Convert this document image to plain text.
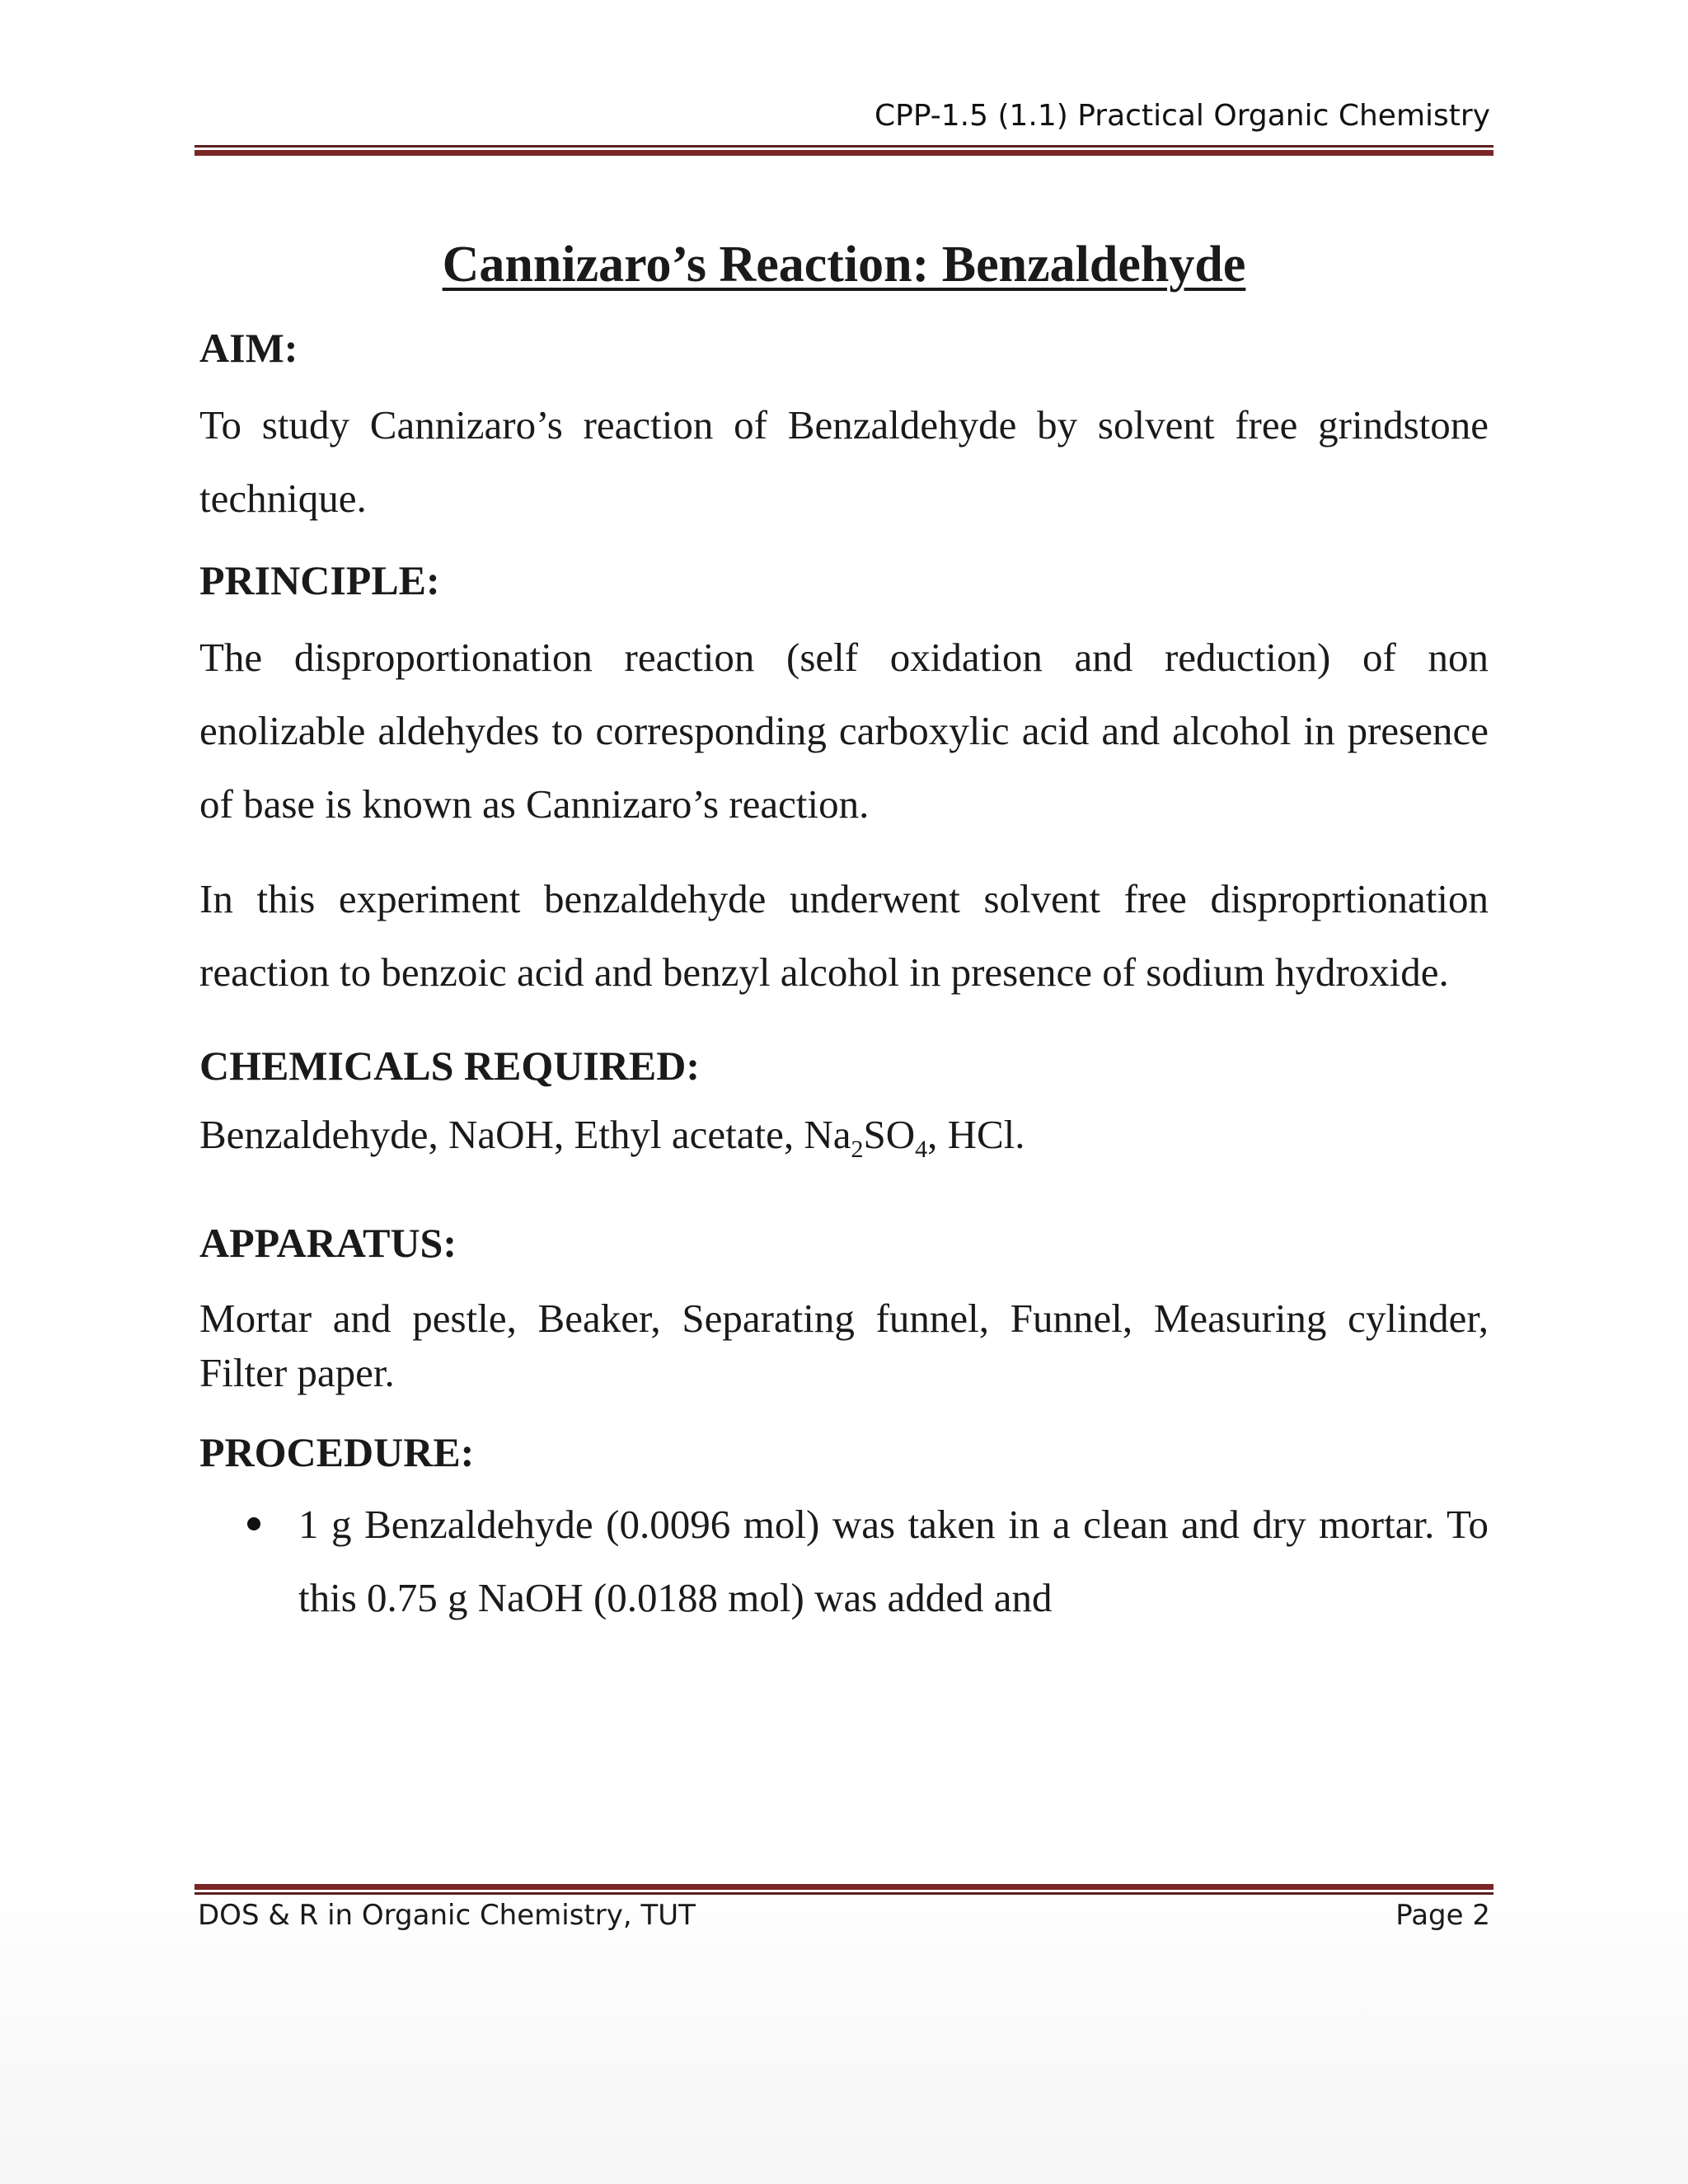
CPP-1.5 (1.1) Practical Organic Chemistry
Cannizaro’s Reaction: Benzaldehyde
AIM:

To study Cannizaro’s reaction of Benzaldehyde by solvent free grindstone technique.

PRINCIPLE:

The disproportionation reaction (self oxidation and reduction) of non enolizable aldehydes to corresponding carboxylic acid and alcohol in presence of base is known as Cannizaro’s reaction.

In this experiment benzaldehyde underwent solvent free disproprtionation reaction to benzoic acid and benzyl alcohol in presence of sodium hydroxide.

CHEMICALS REQUIRED:

Benzaldehyde, NaOH, Ethyl acetate, $Na_2SO_4$, HCl.

APPARATUS:

Mortar and pestle, Beaker, Separating funnel, Funnel, Measuring cylinder, Filter paper.

PROCEDURE:
1 g Benzaldehyde (0.0096 mol) was taken in a clean and dry mortar. To this 0.75 g NaOH (0.0188 mol) was added and
DOS & R in Organic Chemistry, TUT	Page 2
